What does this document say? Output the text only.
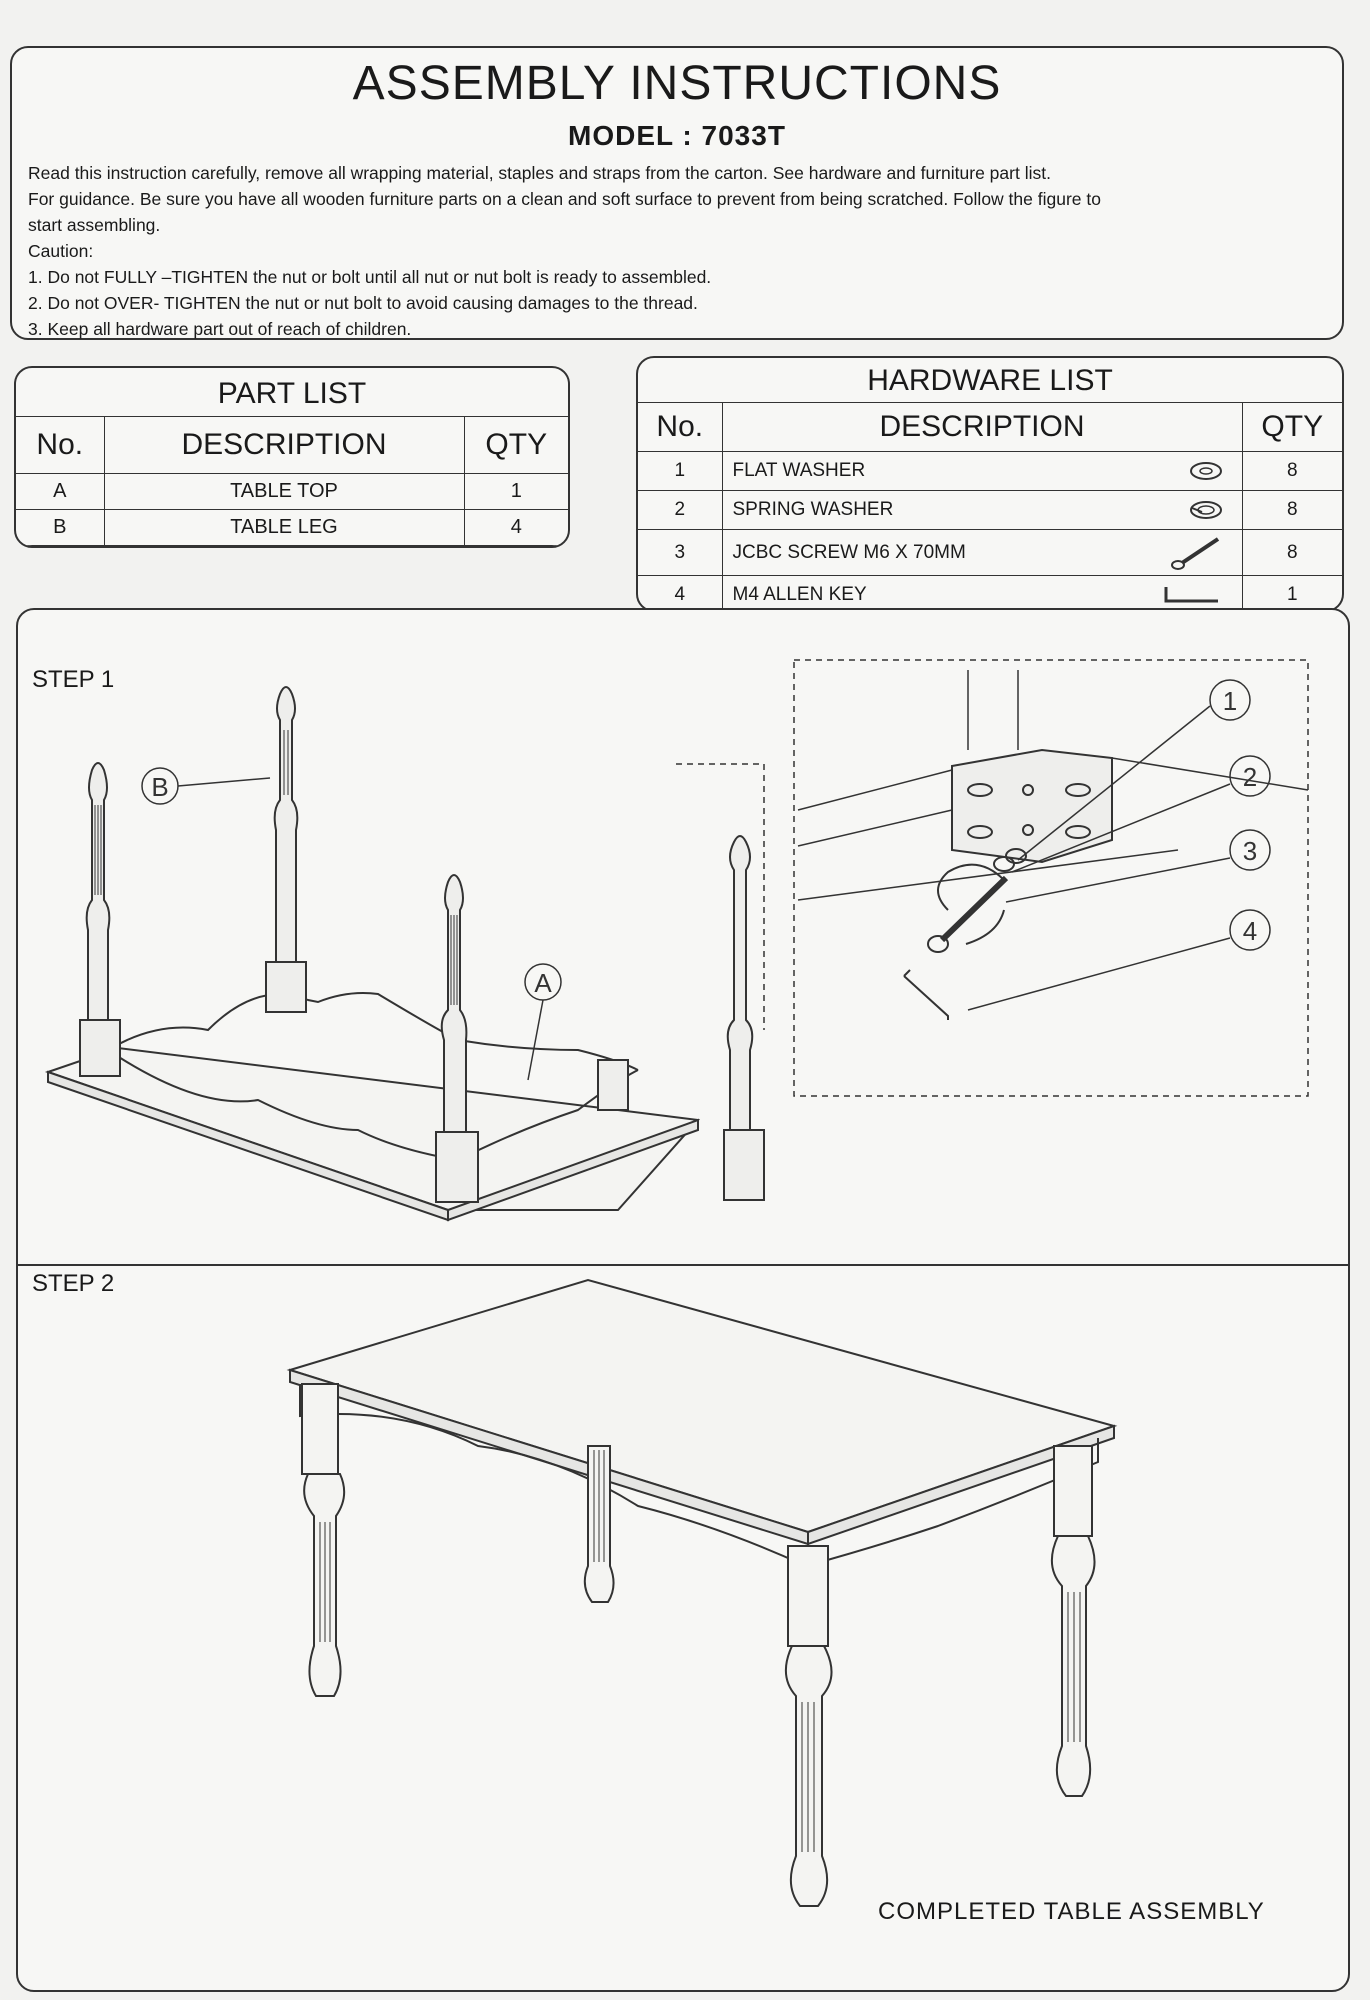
ASSEMBLY INSTRUCTIONS
MODEL : 7033T

Read this instruction carefully, remove all wrapping material, staples and straps from the carton. See hardware and furniture part list.

For guidance. Be sure you have all wooden furniture parts on a clean and soft surface to prevent from being scratched. Follow the figure to

start assembling.

Caution:

1. Do not FULLY –TIGHTEN the nut or bolt until all nut or nut bolt is ready to assembled.

2. Do not OVER- TIGHTEN the nut or nut bolt to avoid causing damages to the thread.

3. Keep all hardware part out of reach of children.

PART LIST
No.	DESCRIPTION	QTY
A	TABLE TOP	1
B	TABLE LEG	4
HARDWARE LIST
No.	DESCRIPTION	QTY
1	FLAT WASHER	8
2	SPRING WASHER	8
3	JCBC SCREW M6 X 70MM	8
4	M4 ALLEN KEY	1
STEP 1
B
A
1
2
3
4
STEP 2
COMPLETED TABLE ASSEMBLY
